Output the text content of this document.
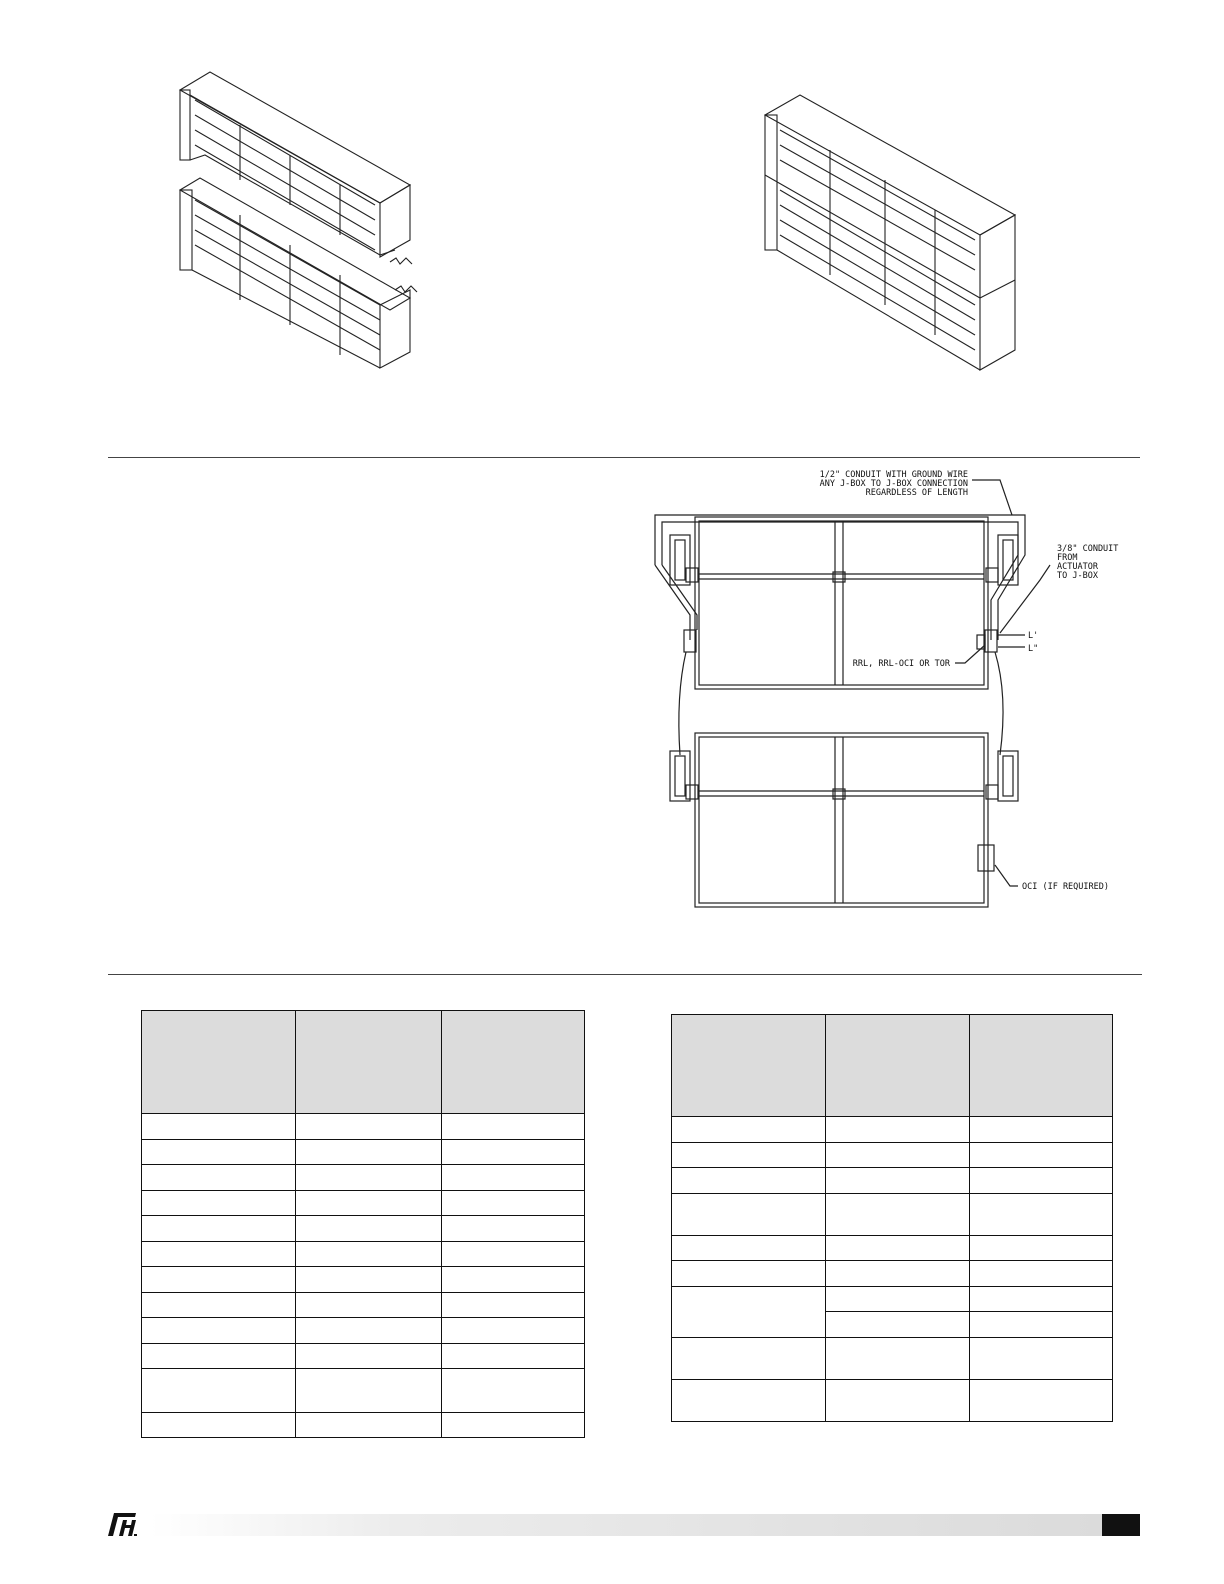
1/2" CONDUIT WITH GROUND WIRE
ANY J-BOX TO J-BOX CONNECTION
REGARDLESS OF LENGTH
3/8" CONDUIT
FROM
ACTUATOR
TO J-BOX
L'
L"
RRL, RRL-OCI OR TOR
OCI (IF REQUIRED)
